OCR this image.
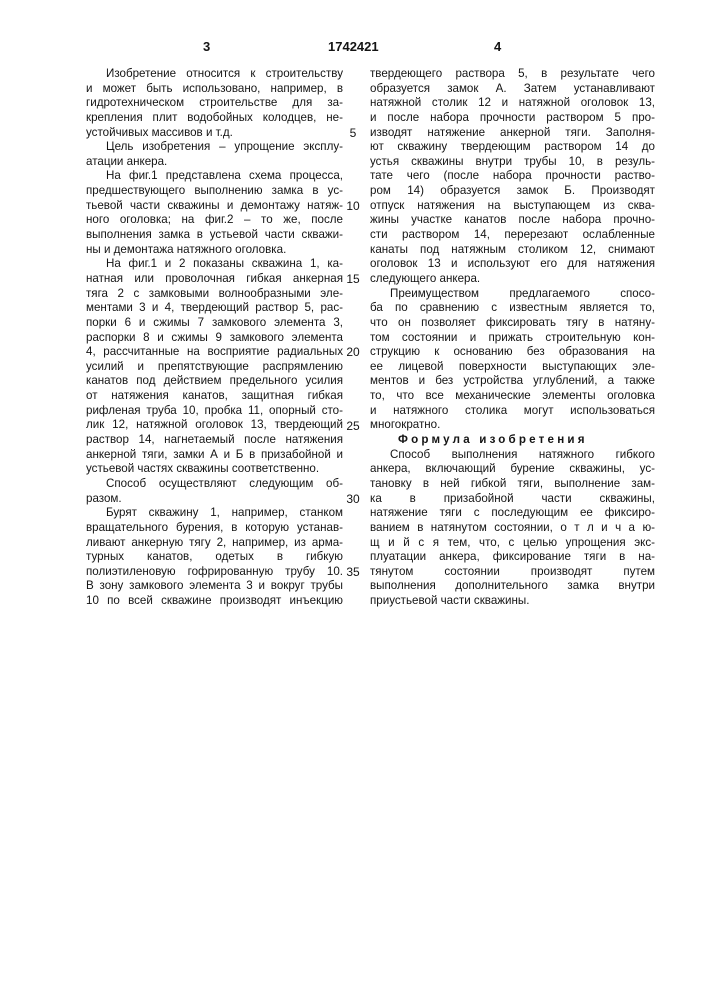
3	1742421	4
Изобретение относится к строительству
и может быть использовано, например, в
гидротехническом строительстве для за-
крепления плит водобойных колодцев, не-
устойчивых массивов и т.д.
Цель изобретения – упрощение эксплу-
атации анкера.
На фиг.1 представлена схема процесса,
предшествующего выполнению замка в ус-
тьевой части скважины и демонтажу натяж-
ного оголовка; на фиг.2 – то же, после
выполнения замка в устьевой части скважи-
ны и демонтажа натяжного оголовка.
На фиг.1 и 2 показаны скважина 1, ка-
натная или проволочная гибкая анкерная
тяга 2 с замковыми волнообразными эле-
ментами 3 и 4, твердеющий раствор 5, рас-
порки 6 и сжимы 7 замкового элемента 3,
распорки 8 и сжимы 9 замкового элемента
4, рассчитанные на восприятие радиальных
усилий и препятствующие распрямлению
канатов под действием предельного усилия
от натяжения канатов, защитная гибкая
рифленая труба 10, пробка 11, опорный сто-
лик 12, натяжной оголовок 13, твердеющий
раствор 14, нагнетаемый после натяжения
анкерной тяги, замки А и Б в призабойной и
устьевой частях скважины соответственно.
Способ осуществляют следующим об-
разом.
Бурят скважину 1, например, станком
вращательного бурения, в которую устанав-
ливают анкерную тягу 2, например, из арма-
турных канатов, одетых в гибкую
полиэтиленовую гофрированную трубу 10.
В зону замкового элемента 3 и вокруг трубы
10 по всей скважине производят инъекцию
5
10
15
20
25
30
35
твердеющего раствора 5, в результате чего
образуется замок А. Затем устанавливают
натяжной столик 12 и натяжной оголовок 13,
и после набора прочности раствором 5 про-
изводят натяжение анкерной тяги. Заполня-
ют скважину твердеющим раствором 14 до
устья скважины внутри трубы 10, в резуль-
тате чего (после набора прочности раство-
ром 14) образуется замок Б. Производят
отпуск натяжения на выступающем из сква-
жины участке канатов после набора прочно-
сти раствором 14, перерезают ослабленные
канаты под натяжным столиком 12, снимают
оголовок 13 и используют его для натяжения
следующего анкера.
Преимуществом предлагаемого спосо-
ба по сравнению с известным является то,
что он позволяет фиксировать тягу в натяну-
том состоянии и прижать строительную кон-
струкцию к основанию без образования на
ее лицевой поверхности выступающих эле-
ментов и без устройства углублений, а также
то, что все механические элементы оголовка
и натяжного столика могут использоваться
многократно.
Формула изобретения
Способ выполнения натяжного гибкого
анкера, включающий бурение скважины, ус-
тановку в ней гибкой тяги, выполнение зам-
ка в призабойной части скважины,
натяжение тяги с последующим ее фиксиро-
ванием в натянутом состоянии, о т л и ч а ю-
щ и й с я тем, что, с целью упрощения экс-
плуатации анкера, фиксирование тяги в на-
тянутом состоянии производят путем
выполнения дополнительного замка внутри
приустьевой части скважины.
